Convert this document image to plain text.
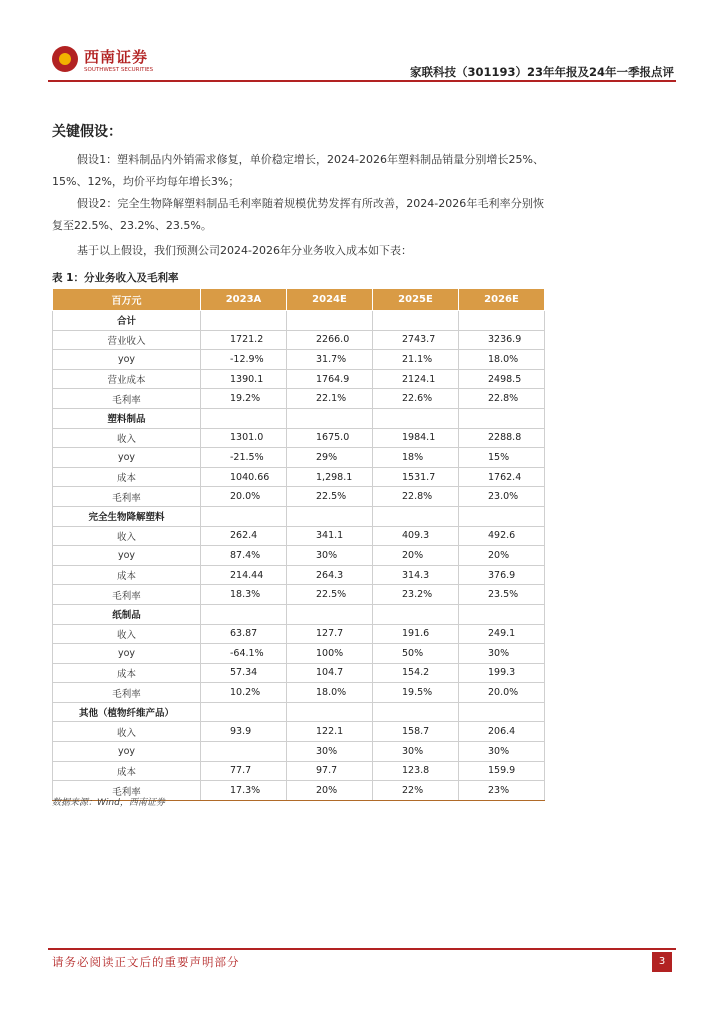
西南证券
SOUTHWEST SECURITIES	家联科技（301193）23年年报及24年一季报点评
关键假设：

假设1：塑料制品内外销需求修复，单价稳定增长，2024-2026年塑料制品销量分别增长25%、15%、12%，均价平均每年增长3%；

假设2：完全生物降解塑料制品毛利率随着规模优势发挥有所改善，2024-2026年毛利率分别恢复至22.5%、23.2%、23.5%。

基于以上假设，我们预测公司2024-2026年分业务收入成本如下表：

表 1：分业务收入及毛利率
百万元	2023A	2024E	2025E	2026E
合计				
营业收入	1721.2	2266.0	2743.7	3236.9
yoy	-12.9%	31.7%	21.1%	18.0%
营业成本	1390.1	1764.9	2124.1	2498.5
毛利率	19.2%	22.1%	22.6%	22.8%
塑料制品				
收入	1301.0	1675.0	1984.1	2288.8
yoy	-21.5%	29%	18%	15%
成本	1040.66	1,298.1	1531.7	1762.4
毛利率	20.0%	22.5%	22.8%	23.0%
完全生物降解塑料				
收入	262.4	341.1	409.3	492.6
yoy	87.4%	30%	20%	20%
成本	214.44	264.3	314.3	376.9
毛利率	18.3%	22.5%	23.2%	23.5%
纸制品				
收入	63.87	127.7	191.6	249.1
yoy	-64.1%	100%	50%	30%
成本	57.34	104.7	154.2	199.3
毛利率	10.2%	18.0%	19.5%	20.0%
其他（植物纤维产品）				
收入	93.9	122.1	158.7	206.4
yoy		30%	30%	30%
成本	77.7	97.7	123.8	159.9
毛利率	17.3%	20%	22%	23%
数据来源：Wind，西南证券
请务必阅读正文后的重要声明部分	3
